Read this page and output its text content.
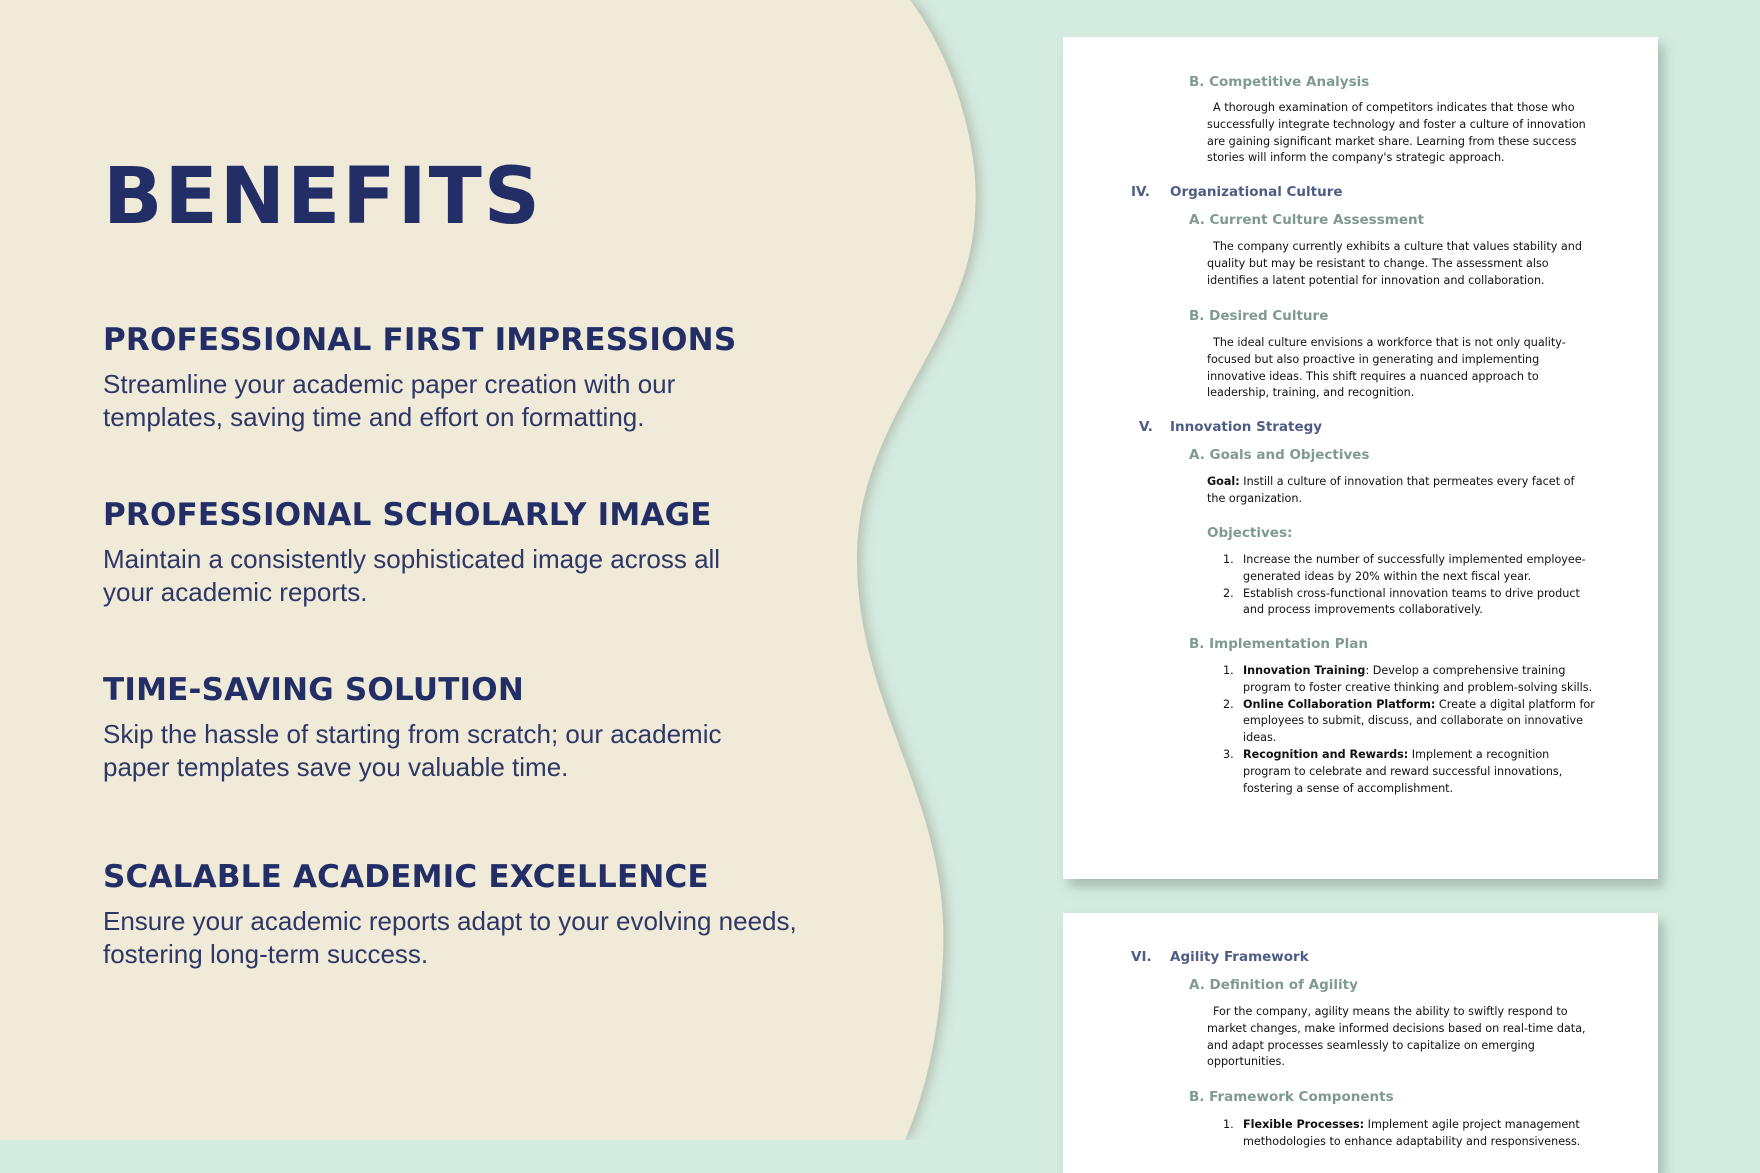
BENEFITS
PROFESSIONAL FIRST IMPRESSIONS

Streamline your academic paper creation with our
templates, saving time and effort on formatting.

PROFESSIONAL SCHOLARLY IMAGE

Maintain a consistently sophisticated image across all
your academic reports.

TIME-SAVING SOLUTION

Skip the hassle of starting from scratch; our academic
paper templates save you valuable time.

SCALABLE ACADEMIC EXCELLENCE

Ensure your academic reports adapt to your evolving needs,
fostering long-term success.

B. Competitive Analysis
A thorough examination of competitors indicates that those who successfully integrate technology and foster a culture of innovation are gaining significant market share. Learning from these success stories will inform the company's strategic approach.
IV. Organizational Culture
A. Current Culture Assessment
The company currently exhibits a culture that values stability and quality but may be resistant to change. The assessment also identifies a latent potential for innovation and collaboration.
B. Desired Culture
The ideal culture envisions a workforce that is not only quality-focused but also proactive in generating and implementing innovative ideas. This shift requires a nuanced approach to leadership, training, and recognition.
V. Innovation Strategy
A. Goals and Objectives
Goal: Instill a culture of innovation that permeates every facet of the organization.
Objectives:
1. Increase the number of successfully implemented employee-generated ideas by 20% within the next fiscal year.
2. Establish cross-functional innovation teams to drive product and process improvements collaboratively.
B. Implementation Plan
1. Innovation Training: Develop a comprehensive training program to foster creative thinking and problem-solving skills.
2. Online Collaboration Platform: Create a digital platform for employees to submit, discuss, and collaborate on innovative ideas.
3. Recognition and Rewards: Implement a recognition program to celebrate and reward successful innovations, fostering a sense of accomplishment.
VI. Agility Framework
A. Definition of Agility
For the company, agility means the ability to swiftly respond to market changes, make informed decisions based on real-time data, and adapt processes seamlessly to capitalize on emerging opportunities.
B. Framework Components
1. Flexible Processes: Implement agile project management methodologies to enhance adaptability and responsiveness.
